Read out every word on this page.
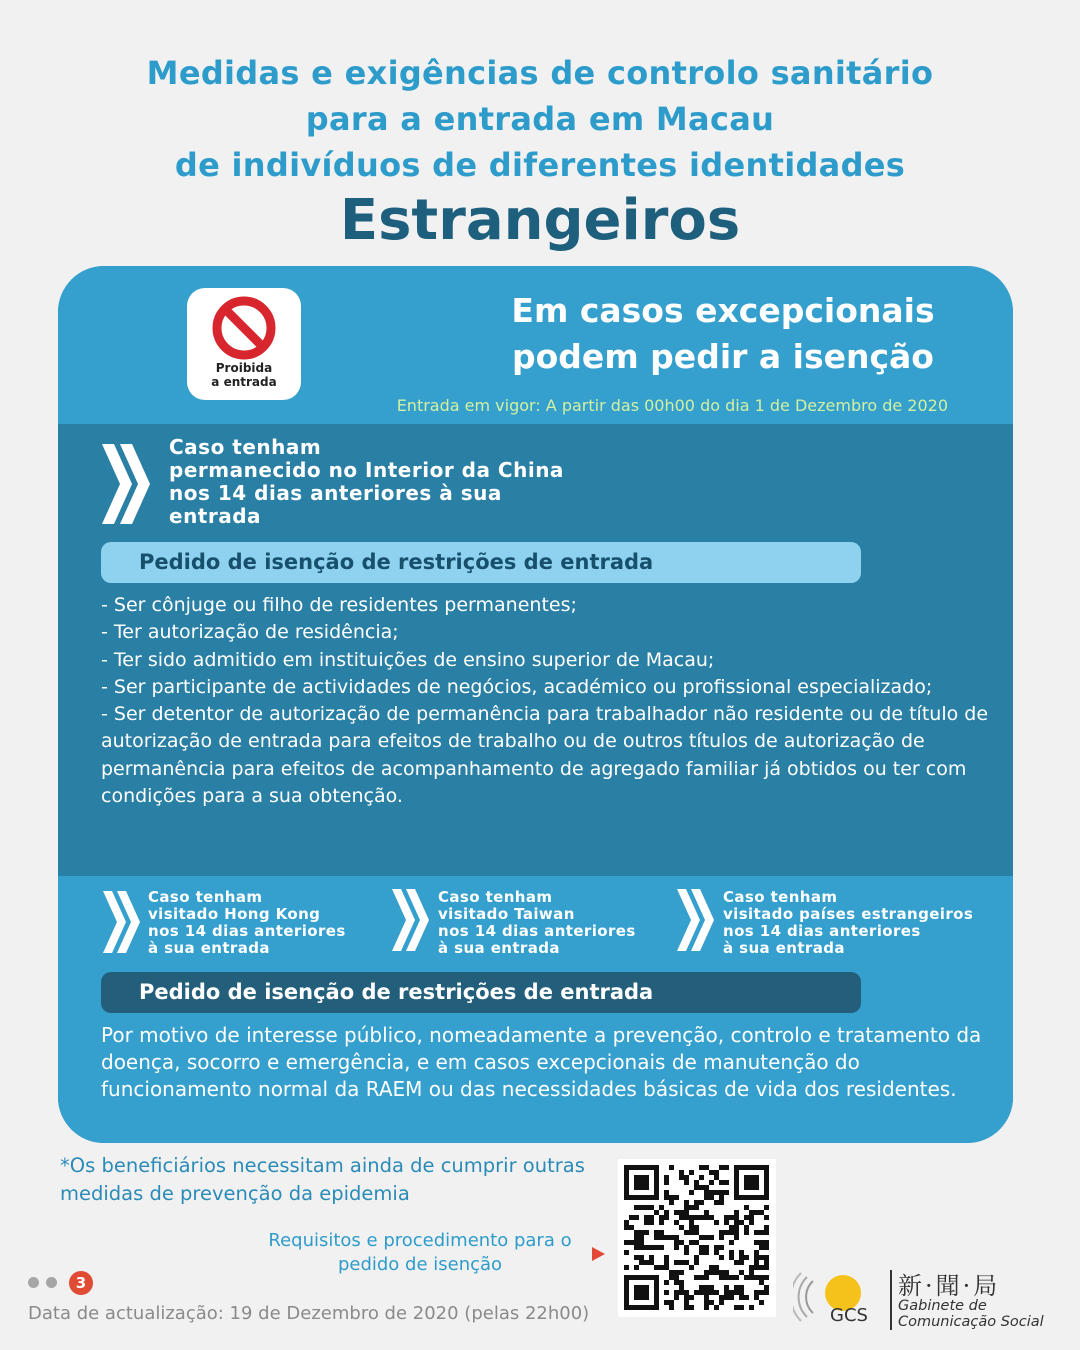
Medidas e exigências de controlo sanitário
para a entrada em Macau
de indivíduos de diferentes identidades
Estrangeiros
Proibida
a entrada
Em casos excepcionais
podem pedir a isenção
Entrada em vigor: A partir das 00h00 do dia 1 de Dezembro de 2020
Caso tenham
permanecido no Interior da China
nos 14 dias anteriores à sua
entrada
Pedido de isenção de restrições de entrada
- Ser cônjuge ou filho de residentes permanentes;
- Ter autorização de residência;
- Ter sido admitido em instituições de ensino superior de Macau;
- Ser participante de actividades de negócios, académico ou profissional especializado;
- Ser detentor de autorização de permanência para trabalhador não residente ou de título de autorização de entrada para efeitos de trabalho ou de outros títulos de autorização de permanência para efeitos de acompanhamento de agregado familiar já obtidos ou ter com condições para a sua obtenção.
Caso tenham
visitado Hong Kong
nos 14 dias anteriores
à sua entrada
Caso tenham
visitado Taiwan
nos 14 dias anteriores
à sua entrada
Caso tenham
visitado países estrangeiros
nos 14 dias anteriores
à sua entrada
Pedido de isenção de restrições de entrada
Por motivo de interesse público, nomeadamente a prevenção, controlo e tratamento da doença, socorro e emergência, e em casos excepcionais de manutenção do funcionamento normal da RAEM ou das necessidades básicas de vida dos residentes.
*Os beneficiários necessitam ainda de cumprir outras medidas de prevenção da epidemia
Requisitos e procedimento para o
pedido de isenção
3
Data de actualização: 19 de Dezembro de 2020 (pelas 22h00)	GCS
新·聞·局
Gabinete de
Comunicação Social
